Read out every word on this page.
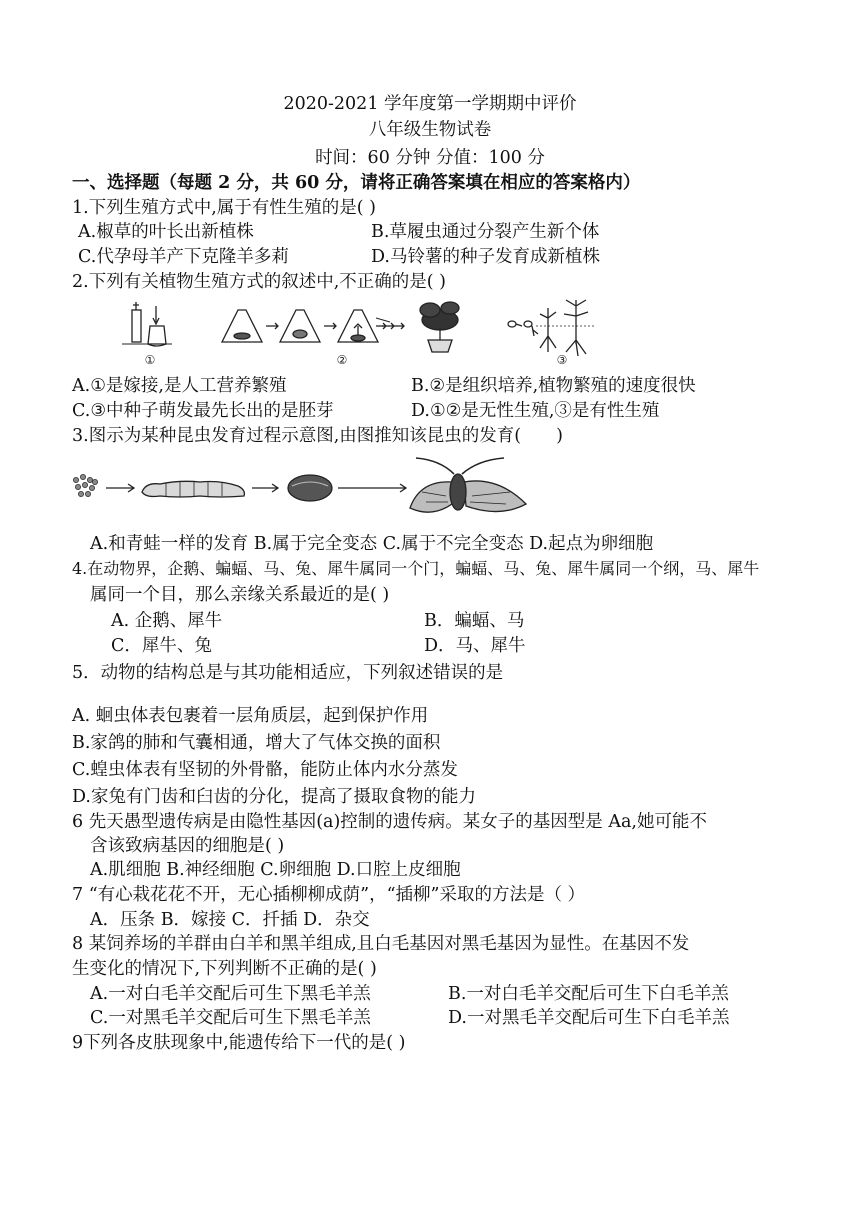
2020-2021 学年度第一学期期中评价
八年级生物试卷
时间：60 分钟 分值：100 分
一、选择题（每题 2 分，共 60 分，请将正确答案填在相应的答案格内）
1.下列生殖方式中,属于有性生殖的是( )
A.椒草的叶长出新植株	B.草履虫通过分裂产生新个体
C.代孕母羊产下克隆羊多莉	D.马铃薯的种子发育成新植株
2.下列有关植物生殖方式的叙述中,不正确的是( )
①	②	③
A.①是嫁接,是人工营养繁殖	B.②是组织培养,植物繁殖的速度很快
C.③中种子萌发最先长出的是胚芽	D.①②是无性生殖,③是有性生殖
3.图示为某种昆虫发育过程示意图,由图推知该昆虫的发育(　　)
A.和青蛙一样的发育 B.属于完全变态 C.属于不完全变态 D.起点为卵细胞
4.在动物界，企鹅、蝙蝠、马、兔、犀牛属同一个门，蝙蝠、马、兔、犀牛属同一个纲，马、犀牛
属同一个目，那么亲缘关系最近的是( )
A. 企鹅、犀牛	B．蝙蝠、马
C．犀牛、兔	D．马、犀牛
5．动物的结构总是与其功能相适应，下列叙述错误的是
A. 蛔虫体表包裹着一层角质层，起到保护作用
B.家鸽的肺和气囊相通，增大了气体交换的面积
C.蝗虫体表有坚韧的外骨骼，能防止体内水分蒸发
D.家兔有门齿和臼齿的分化，提高了摄取食物的能力
6 先天愚型遗传病是由隐性基因(a)控制的遗传病。某女子的基因型是 Aa,她可能不
含该致病基因的细胞是( )
A.肌细胞 B.神经细胞 C.卵细胞 D.口腔上皮细胞
7 “有心栽花花不开，无心插柳柳成荫”，“插柳”采取的方法是（ ）
A．压条 B．嫁接 C．扦插 D．杂交
8 某饲养场的羊群由白羊和黑羊组成,且白毛基因对黑毛基因为显性。在基因不发
生变化的情况下,下列判断不正确的是( )
A.一对白毛羊交配后可生下黑毛羊羔	B.一对白毛羊交配后可生下白毛羊羔
C.一对黑毛羊交配后可生下黑毛羊羔	D.一对黑毛羊交配后可生下白毛羊羔
9下列各皮肤现象中,能遗传给下一代的是( )
